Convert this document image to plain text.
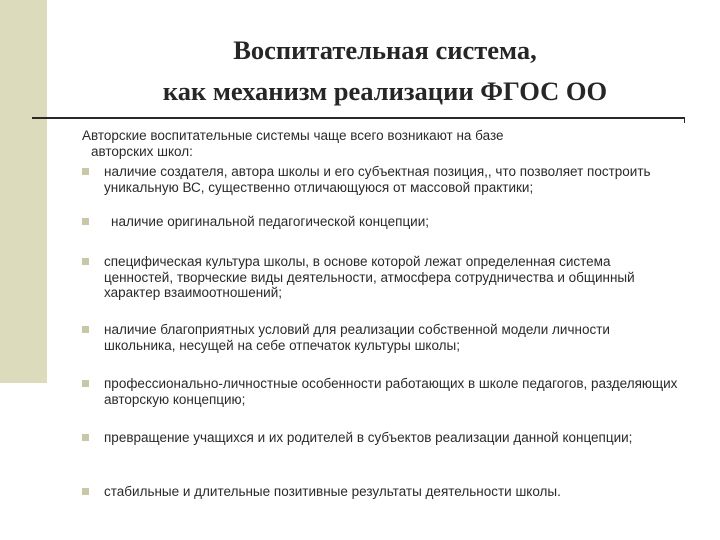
Воспитательная система,
как механизм реализации ФГОС ОО
Авторские воспитательные системы чаще всего возникают на базе
авторских школ:
наличие создателя, автора школы и его субъектная позиция,, что позволяет построить уникальную ВС, существенно отличающуюся от массовой практики;
наличие оригинальной педагогической концепции;
специфическая культура школы, в основе которой лежат определенная система ценностей, творческие виды деятельности, атмосфера сотрудничества и общинный характер взаимоотношений;
наличие благоприятных условий для реализации собственной модели личности школьника, несущей на себе отпечаток культуры школы;
профессионально-личностные особенности работающих в школе педагогов, разделяющих авторскую концепцию;
превращение учащихся и их родителей в субъектов реализации данной концепции;
стабильные и длительные позитивные результаты деятельности школы.
